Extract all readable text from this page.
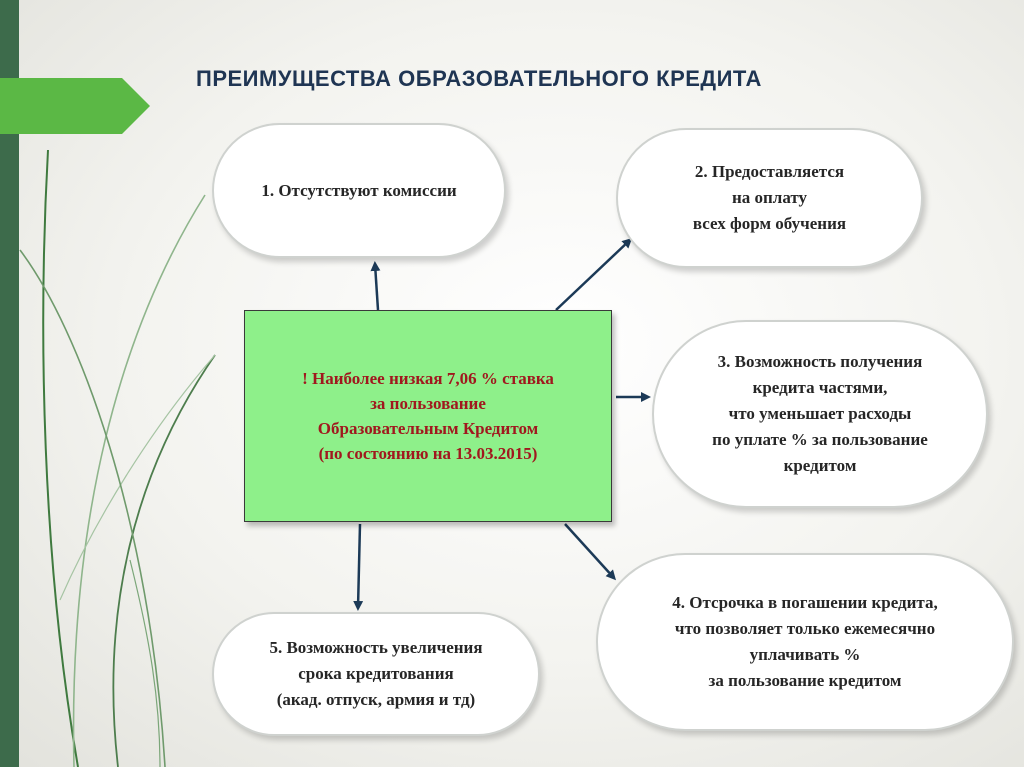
ПРЕИМУЩЕСТВА ОБРАЗОВАТЕЛЬНОГО КРЕДИТА
! Наиболее низкая 7,06 % ставка
за пользование
Образовательным Кредитом
(по состоянию на 13.03.2015)
1. Отсутствуют комиссии
2. Предоставляется
на оплату
всех форм обучения
3. Возможность получения
кредита частями,
что уменьшает расходы
по уплате % за пользование
кредитом
4. Отсрочка в погашении кредита,
что позволяет только ежемесячно
уплачивать %
за пользование кредитом
5. Возможность увеличения
срока кредитования
(акад. отпуск, армия и тд)
